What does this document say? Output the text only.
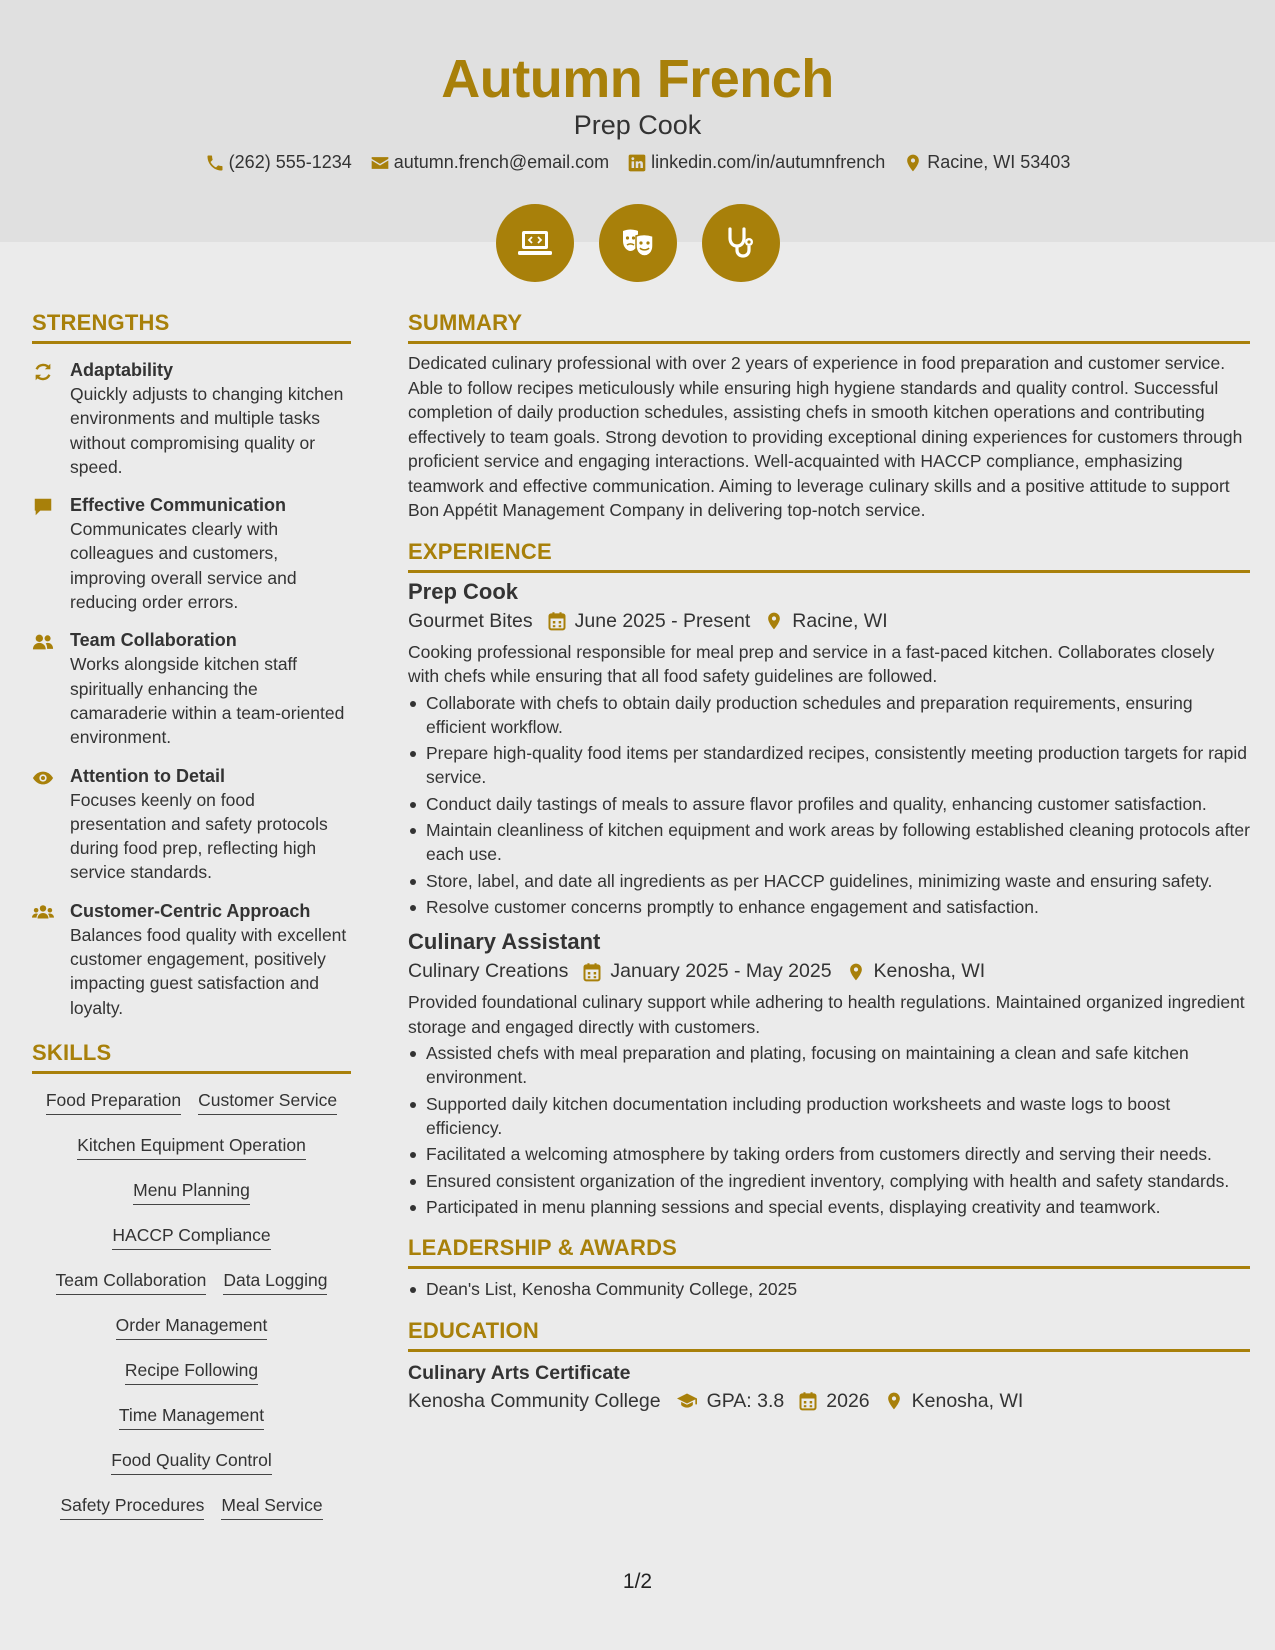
Autumn French
Prep Cook
(262) 555-1234 autumn.french@email.com linkedin.com/in/autumnfrench Racine, WI 53403
STRENGTHS
Adaptability
Quickly adjusts to changing kitchen environments and multiple tasks without compromising quality or speed.
Effective Communication
Communicates clearly with colleagues and customers, improving overall service and reducing order errors.
Team Collaboration
Works alongside kitchen staff spiritually enhancing the camaraderie within a team-oriented environment.
Attention to Detail
Focuses keenly on food presentation and safety protocols during food prep, reflecting high service standards.
Customer-Centric Approach
Balances food quality with excellent customer engagement, positively impacting guest satisfaction and loyalty.
SKILLS
Food Preparation Customer Service
Kitchen Equipment Operation
Menu Planning
HACCP Compliance
Team Collaboration Data Logging
Order Management
Recipe Following
Time Management
Food Quality Control
Safety Procedures Meal Service
SUMMARY
Dedicated culinary professional with over 2 years of experience in food preparation and customer service. Able to follow recipes meticulously while ensuring high hygiene standards and quality control. Successful completion of daily production schedules, assisting chefs in smooth kitchen operations and contributing effectively to team goals. Strong devotion to providing exceptional dining experiences for customers through proficient service and engaging interactions. Well-acquainted with HACCP compliance, emphasizing teamwork and effective communication. Aiming to leverage culinary skills and a positive attitude to support Bon Appétit Management Company in delivering top-notch service.
EXPERIENCE
Prep Cook
Gourmet Bites June 2025 - Present Racine, WI
Cooking professional responsible for meal prep and service in a fast-paced kitchen. Collaborates closely with chefs while ensuring that all food safety guidelines are followed.
Collaborate with chefs to obtain daily production schedules and preparation requirements, ensuring efficient workflow.
Prepare high-quality food items per standardized recipes, consistently meeting production targets for rapid service.
Conduct daily tastings of meals to assure flavor profiles and quality, enhancing customer satisfaction.
Maintain cleanliness of kitchen equipment and work areas by following established cleaning protocols after each use.
Store, label, and date all ingredients as per HACCP guidelines, minimizing waste and ensuring safety.
Resolve customer concerns promptly to enhance engagement and satisfaction.
Culinary Assistant
Culinary Creations January 2025 - May 2025 Kenosha, WI
Provided foundational culinary support while adhering to health regulations. Maintained organized ingredient storage and engaged directly with customers.
Assisted chefs with meal preparation and plating, focusing on maintaining a clean and safe kitchen environment.
Supported daily kitchen documentation including production worksheets and waste logs to boost efficiency.
Facilitated a welcoming atmosphere by taking orders from customers directly and serving their needs.
Ensured consistent organization of the ingredient inventory, complying with health and safety standards.
Participated in menu planning sessions and special events, displaying creativity and teamwork.
LEADERSHIP & AWARDS
Dean's List, Kenosha Community College, 2025
EDUCATION
Culinary Arts Certificate
Kenosha Community College GPA: 3.8 2026 Kenosha, WI
1/2
